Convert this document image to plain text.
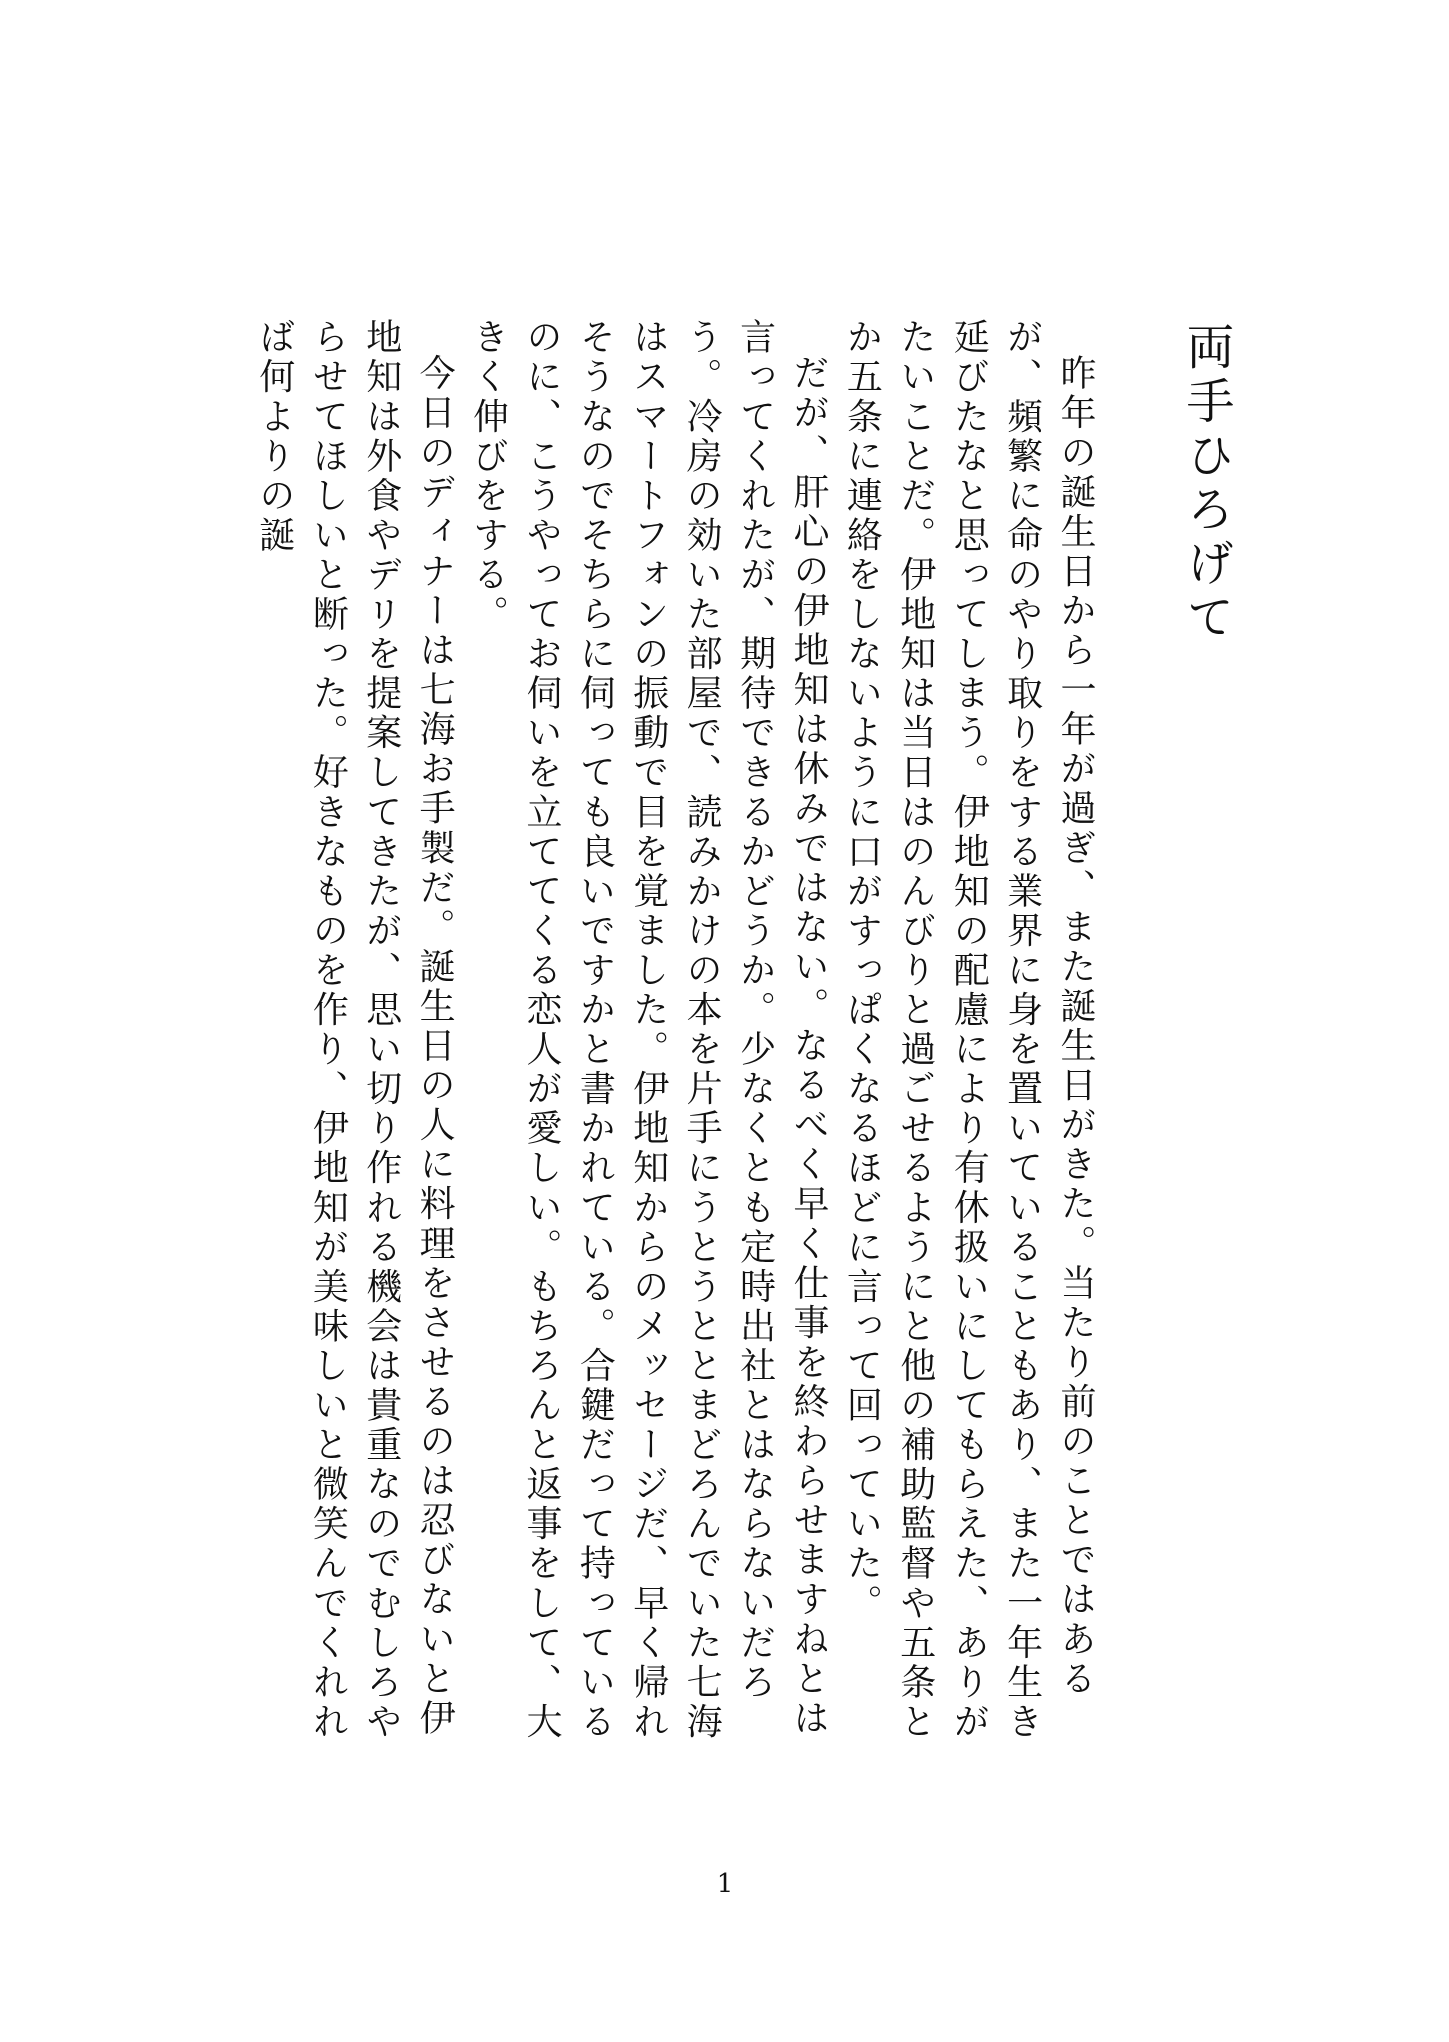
両手ひろげて

昨年の誕生日から一年が過ぎ、また誕生日がきた。当たり前のことではあるが、頻繁に命のやり取りをする業界に身を置いていることもあり、また一年生き延びたなと思ってしまう。伊地知の配慮により有休扱いにしてもらえた、ありがたいことだ。伊地知は当日はのんびりと過ごせるようにと他の補助監督や五条とか五条に連絡をしないように口がすっぱくなるほどに言って回っていた。

だが、肝心の伊地知は休みではない。なるべく早く仕事を終わらせますねとは言ってくれたが、期待できるかどうか。少なくとも定時出社とはならないだろう。冷房の効いた部屋で、読みかけの本を片手にうとうととまどろんでいた七海はスマートフォンの振動で目を覚ました。伊地知からのメッセージだ、早く帰れそうなのでそちらに伺っても良いですかと書かれている。合鍵だって持っているのに、こうやってお伺いを立ててくる恋人が愛しい。もちろんと返事をして、大きく伸びをする。

今日のディナーは七海お手製だ。誕生日の人に料理をさせるのは忍びないと伊地知は外食やデリを提案してきたが、思い切り作れる機会は貴重なのでむしろやらせてほしいと断った。好きなものを作り、伊地知が美味しいと微笑んでくれれば何よりの誕

1
